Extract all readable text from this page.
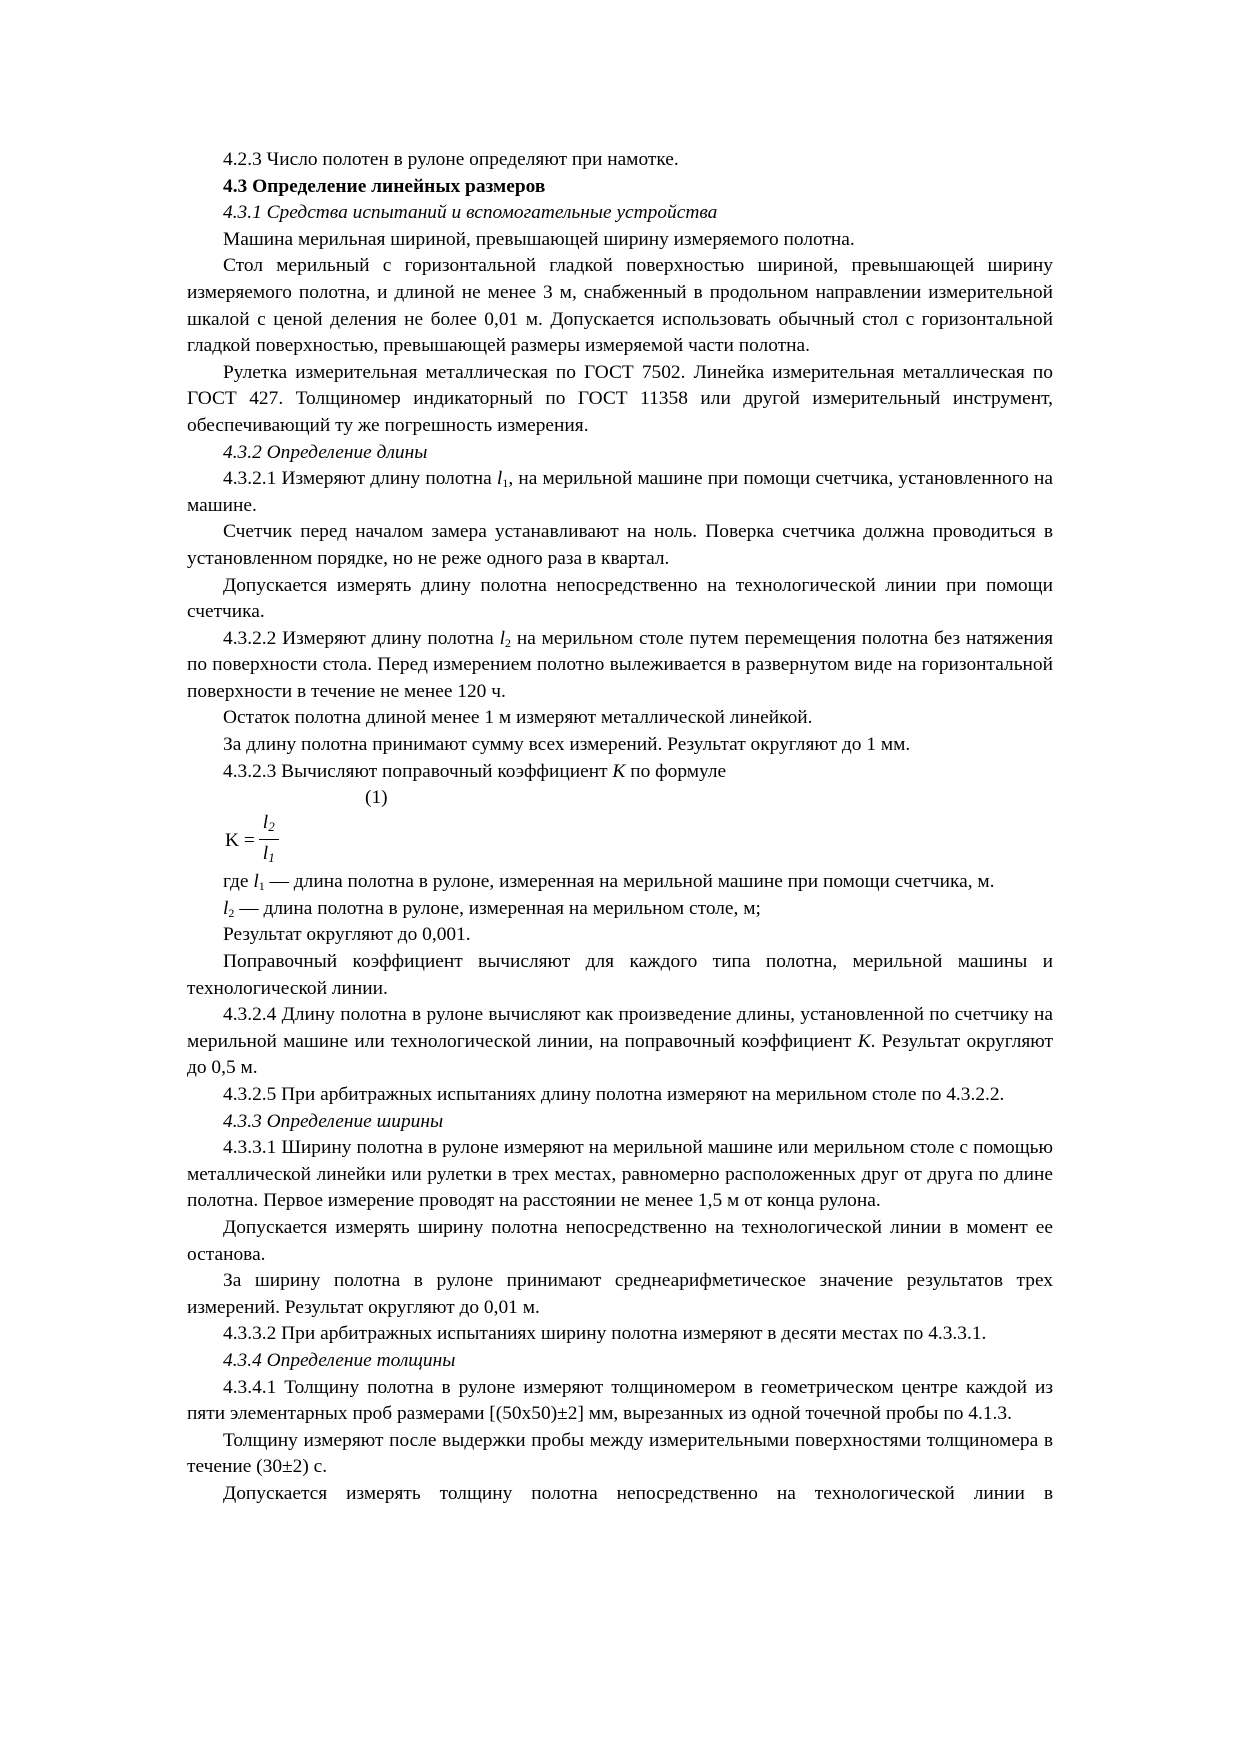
4.2.3 Число полотен в рулоне определяют при намотке.

4.3 Определение линейных размеров

4.3.1 Средства испытаний и вспомогательные устройства

Машина мерильная шириной, превышающей ширину измеряемого полотна.

Стол мерильный с горизонтальной гладкой поверхностью шириной, превышающей ширину измеряемого полотна, и длиной не менее 3 м, снабженный в продольном направлении измерительной шкалой с ценой деления не более 0,01 м. Допускается использовать обычный стол с горизонтальной гладкой поверхностью, превышающей размеры измеряемой части полотна.

Рулетка измерительная металлическая по ГОСТ 7502. Линейка измерительная металлическая по ГОСТ 427. Толщиномер индикаторный по ГОСТ 11358 или другой измерительный инструмент, обеспечивающий ту же погрешность измерения.

4.3.2 Определение длины

4.3.2.1 Измеряют длину полотна $l_1$, на мерильной машине при помощи счетчика, установленного на машине.

Счетчик перед началом замера устанавливают на ноль. Поверка счетчика должна проводиться в установленном порядке, но не реже одного раза в квартал.

Допускается измерять длину полотна непосредственно на технологической линии при помощи счетчика.

4.3.2.2 Измеряют длину полотна $l_2$ на мерильном столе путем перемещения полотна без натяжения по поверхности стола. Перед измерением полотно вылеживается в развернутом виде на горизонтальной поверхности в течение не менее 120 ч.

Остаток полотна длиной менее 1 м измеряют металлической линейкой.

За длину полотна принимают сумму всех измерений. Результат округляют до 1 мм.

4.3.2.3 Вычисляют поправочный коэффициент K по формуле

(1)
$K = \frac{l2}{l1}$

где $l_1$ — длина полотна в рулоне, измеренная на мерильной машине при помощи счетчика, м.

$l_2$ — длина полотна в рулоне, измеренная на мерильном столе, м;

Результат округляют до 0,001.

Поправочный коэффициент вычисляют для каждого типа полотна, мерильной машины и технологической линии.

4.3.2.4 Длину полотна в рулоне вычисляют как произведение длины, установленной по счетчику на мерильной машине или технологической линии, на поправочный коэффициент K. Результат округляют до 0,5 м.

4.3.2.5 При арбитражных испытаниях длину полотна измеряют на мерильном столе по 4.3.2.2.

4.3.3 Определение ширины

4.3.3.1 Ширину полотна в рулоне измеряют на мерильной машине или мерильном столе с помощью металлической линейки или рулетки в трех местах, равномерно расположенных друг от друга по длине полотна. Первое измерение проводят на расстоянии не менее 1,5 м от конца рулона.

Допускается измерять ширину полотна непосредственно на технологической линии в момент ее останова.

За ширину полотна в рулоне принимают среднеарифметическое значение результатов трех измерений. Результат округляют до 0,01 м.

4.3.3.2 При арбитражных испытаниях ширину полотна измеряют в десяти местах по 4.3.3.1.

4.3.4 Определение толщины

4.3.4.1 Толщину полотна в рулоне измеряют толщиномером в геометрическом центре каждой из пяти элементарных проб размерами [(50x50)±2] мм, вырезанных из одной точечной пробы по 4.1.3.

Толщину измеряют после выдержки пробы между измерительными поверхностями толщиномера в течение (30±2) с.

Допускается измерять толщину полотна непосредственно на технологической линии в
